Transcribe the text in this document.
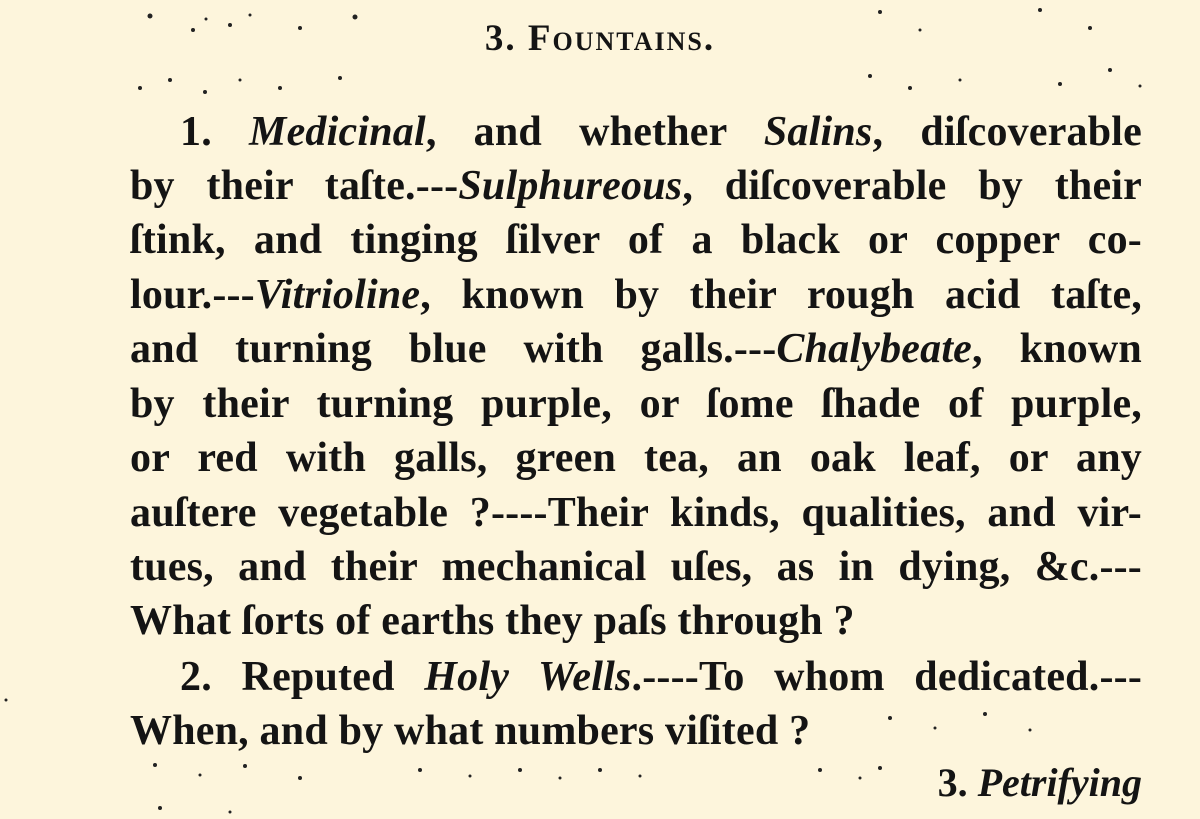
3. Fountains.
1. Medicinal, and whether Salins, diſcoverable
by their taſte.---Sulphureous, diſcoverable by their
ſtink, and tinging ſilver of a black or copper co-
lour.---Vitrioline, known by their rough acid taſte,
and turning blue with galls.---Chalybeate, known
by their turning purple, or ſome ſhade of purple,
or red with galls, green tea, an oak leaf, or any
auſtere vegetable ?----Their kinds, qualities, and vir-
tues, and their mechanical uſes, as in dying, &c.---
What ſorts of earths they paſs through ?
2. Reputed Holy Wells.----To whom dedicated.---
When, and by what numbers viſited ?
3. Petrifying
